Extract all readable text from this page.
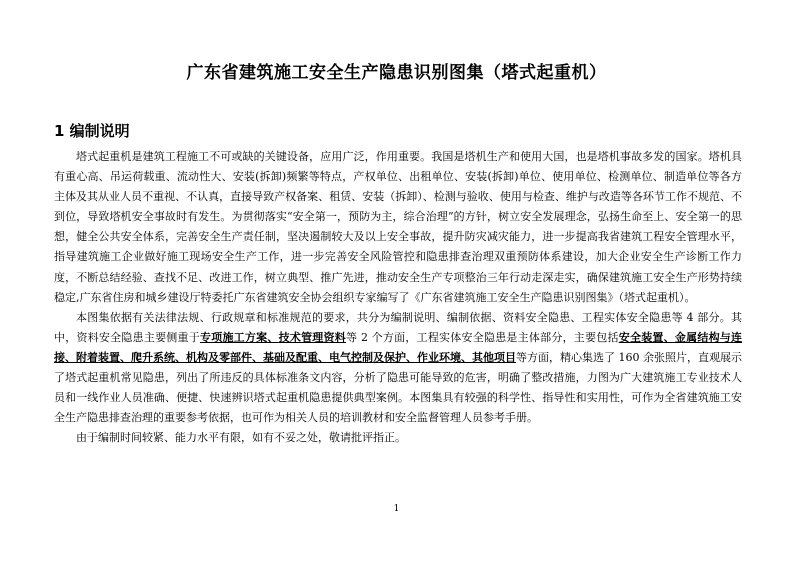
广东省建筑施工安全生产隐患识别图集（塔式起重机）
1 编制说明

塔式起重机是建筑工程施工不可或缺的关键设备，应用广泛，作用重要。我国是塔机生产和使用大国，也是塔机事故多发的国家。塔机具有重心高、吊运荷载重、流动性大、安装(拆卸)频繁等特点，产权单位、出租单位、安装(拆卸)单位、使用单位、检测单位、制造单位等各方主体及其从业人员不重视、不认真，直接导致产权备案、租赁、安装（拆卸）、检测与验收、使用与检查、维护与改造等各环节工作不规范、不到位，导致塔机安全事故时有发生。为贯彻落实“安全第一，预防为主，综合治理”的方针，树立安全发展理念，弘扬生命至上、安全第一的思想，健全公共安全体系，完善安全生产责任制，坚决遏制较大及以上安全事故，提升防灾减灾能力，进一步提高我省建筑工程安全管理水平，指导建筑施工企业做好施工现场安全生产工作，进一步完善安全风险管控和隐患排查治理双重预防体系建设，加大企业安全生产诊断工作力度，不断总结经验、查找不足、改进工作，树立典型、推广先进，推动安全生产专项整治三年行动走深走实，确保建筑施工安全生产形势持续稳定,广东省住房和城乡建设厅特委托广东省建筑安全协会组织专家编写了《广东省建筑施工安全生产隐患识别图集》（塔式起重机）。

本图集依据有关法律法规、行政规章和标准规范的要求，共分为编制说明、编制依据、资料安全隐患、工程实体安全隐患等 4 部分。其中，资料安全隐患主要侧重于专项施工方案、技术管理资料等 2 个方面，工程实体安全隐患是主体部分，主要包括安全装置、金属结构与连接、附着装置、爬升系统、机构及零部件、基础及配重、电气控制及保护、作业环境、其他项目等方面，精心集选了 160 余张照片，直观展示了塔式起重机常见隐患，列出了所违反的具体标准条文内容，分析了隐患可能导致的危害，明确了整改措施，力图为广大建筑施工专业技术人员和一线作业人员准确、便捷、快速辨识塔式起重机隐患提供典型案例。本图集具有较强的科学性、指导性和实用性，可作为全省建筑施工安全生产隐患排查治理的重要参考依据，也可作为相关人员的培训教材和安全监督管理人员参考手册。

由于编制时间较紧、能力水平有限，如有不妥之处，敬请批评指正。

1
